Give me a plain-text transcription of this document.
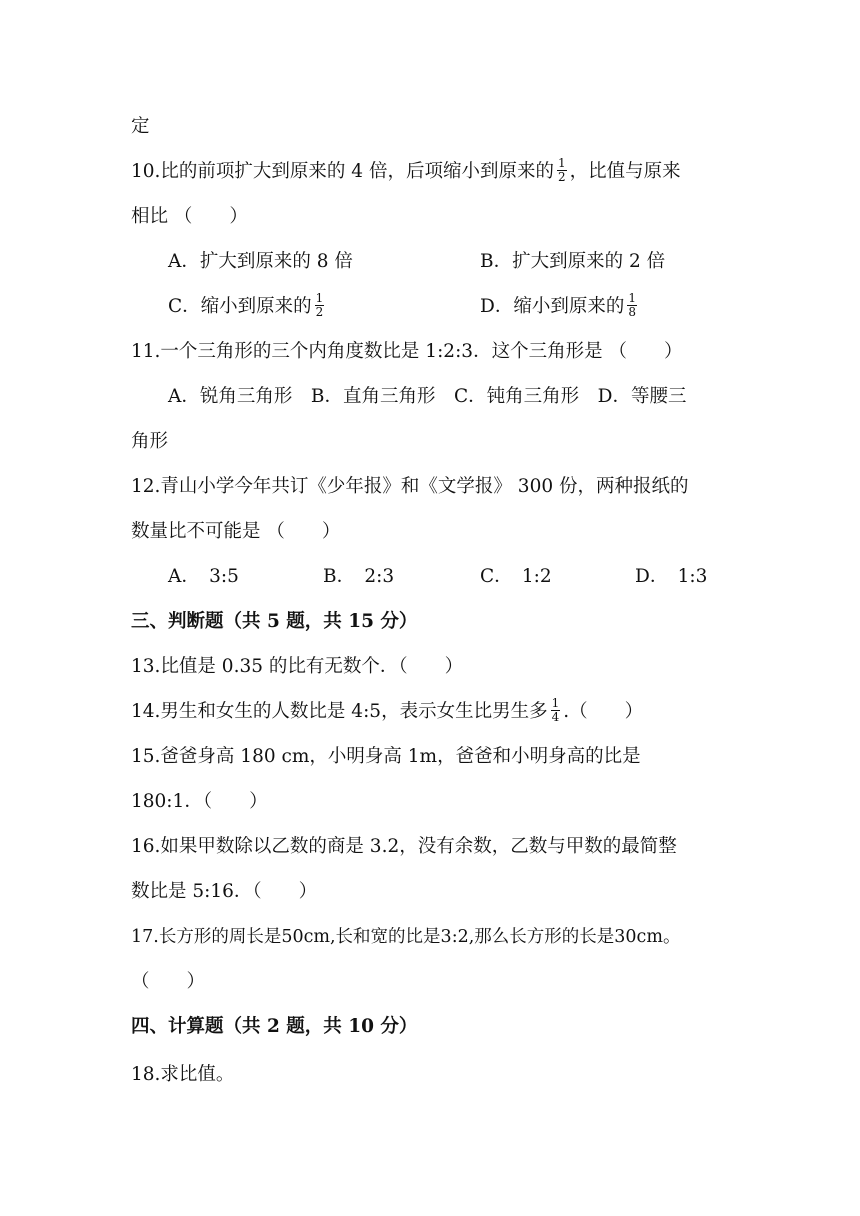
定
10.比的前项扩大到原来的 4 倍，后项缩小到原来的 $\frac{1}{2}$ ，比值与原来
相比 （　　）
A．扩大到原来的 8 倍	B．扩大到原来的 2 倍
C．缩小到原来的 $\frac{1}{2}$	D．缩小到原来的 $\frac{1}{8}$
11.一个三角形的三个内角度数比是 1:2:3．这个三角形是 （　　）
A．锐角三角形　B．直角三角形　C．钝角三角形　D．等腰三
角形
12.青山小学今年共订《少年报》和《文学报》 300 份，两种报纸的
数量比不可能是 （　　）
A．　3:5	B．　2:3	C．　1:2	D．　1:3
三、判断题（共 5 题，共 15 分）
13.比值是 0.35 的比有无数个．（　　）
14.男生和女生的人数比是 4:5，表示女生比男生多 $\frac{1}{4}$ .（　　）
15.爸爸身高 180 cm，小明身高 1m，爸爸和小明身高的比是
180:1．（　　）
16.如果甲数除以乙数的商是 3.2，没有余数，乙数与甲数的最简整
数比是 5:16．（　　）
17.长方形的周长是50cm,长和宽的比是3:2,那么长方形的长是30cm。
（　　）
四、计算题（共 2 题，共 10 分）
18.求比值。
